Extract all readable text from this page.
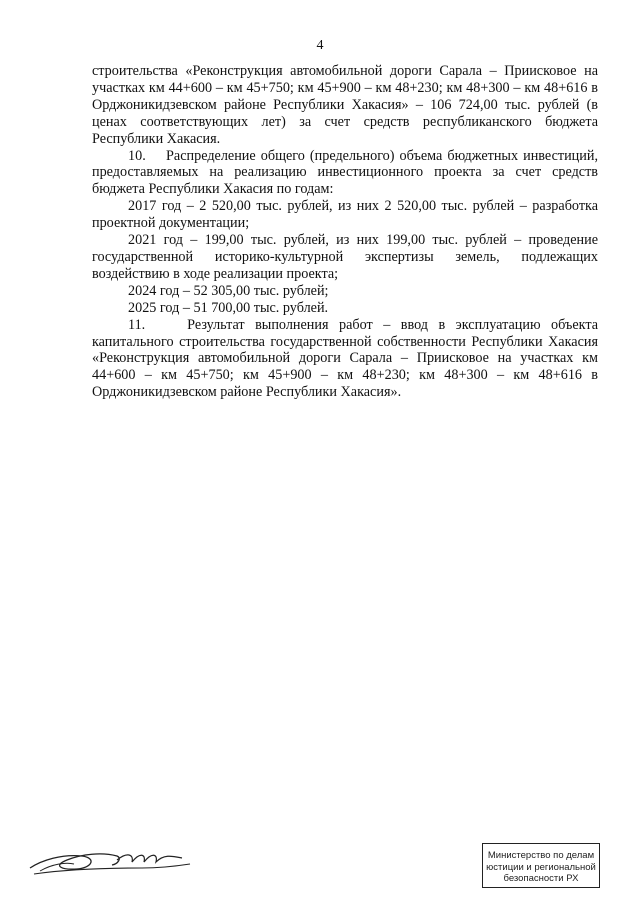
4

строительства «Реконструкция автомобильной дороги Сарала – Приисковое на участках км 44+600 – км 45+750; км 45+900 – км 48+230; км 48+300 – км 48+616 в Орджоникидзевском районе Республики Хакасия» – 106 724,00 тыс. рублей (в ценах соответствующих лет) за счет средств республиканского бюджета Республики Хакасия.

10.    Распределение общего (предельного) объема бюджетных инвестиций, предоставляемых на реализацию инвестиционного проекта за счет средств бюджета Республики Хакасия по годам:

2017 год – 2 520,00 тыс. рублей, из них 2 520,00 тыс. рублей – разработка проектной документации;

2021 год – 199,00 тыс. рублей, из них 199,00 тыс. рублей – проведение государственной историко-культурной экспертизы земель, подлежащих воздействию в ходе реализации проекта;

2024 год – 52 305,00 тыс. рублей;

2025 год – 51 700,00 тыс. рублей.

11.    Результат выполнения работ – ввод в эксплуатацию объекта капитального строительства государственной собственности Республики Хакасия «Реконструкция автомобильной дороги Сарала – Приисковое на участках км 44+600 – км 45+750; км 45+900 – км 48+230; км 48+300 – км 48+616 в Орджоникидзевском районе Республики Хакасия».

Министерство по делам
юстиции и региональной
безопасности РХ
